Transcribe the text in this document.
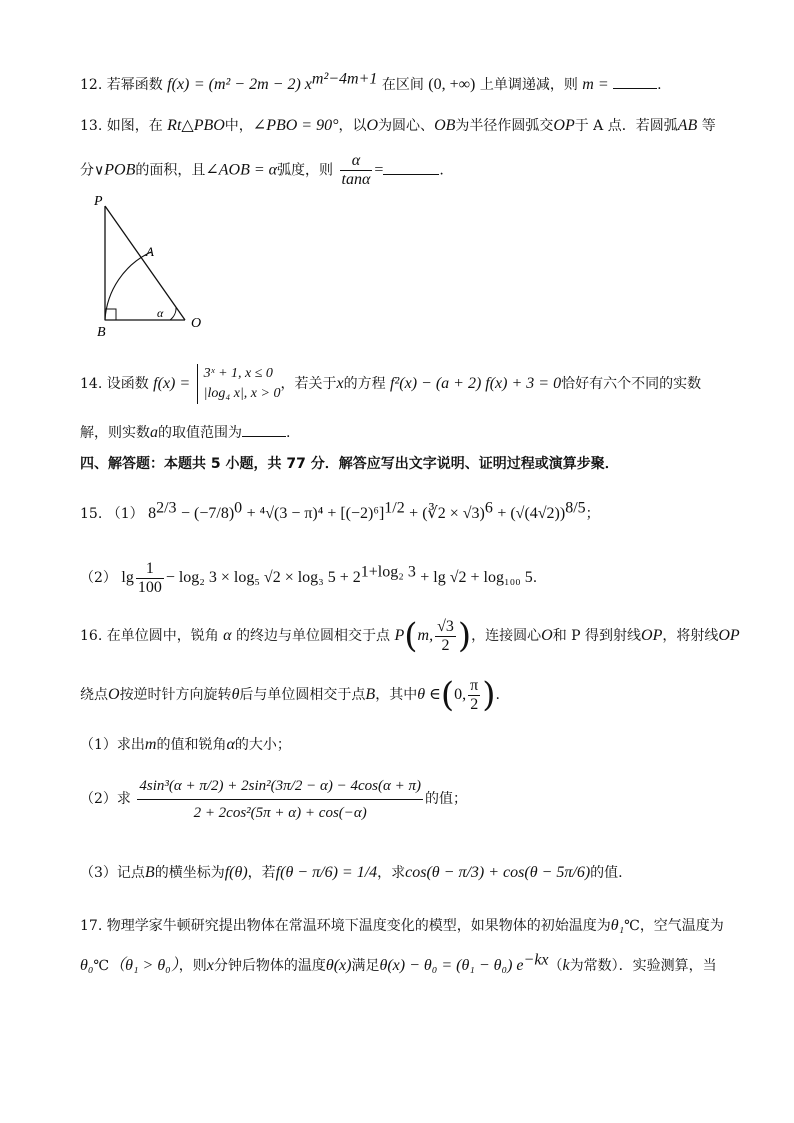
12. 若幂函数 f(x) = (m² − 2m − 2) $x^{m^2-4m+1}$ 在区间 (0, +∞) 上单调递减，则 m =	.
13. 如图，在 Rt△PBO中，∠PBO = 90°，以O为圆心、OB为半径作圆弧交OP于 A 点．若圆弧AB 等
分∨POB的面积，且∠AOB = α弧度，则 $\frac{\alpha}{\tan\alpha}$ =	.
P
A
B
O
α
14. 设函数 f(x) =
3ˣ + 1, x ≤ 0
|log₄ x|, x > 0
，若关于x的方程 f²(x) − (a + 2) f(x) + 3 = 0恰好有六个不同的实数
解，则实数a的取值范围为	.
四、解答题：本题共 5 小题，共 77 分．解答应写出文字说明、证明过程或演算步聚．
15. （1） $8^{2/3} - (-7/8)^0 + ^4√(3 - \pi)^4 + [(-2)^6]^{1/2}$ + (∛2 × $√3)^6 + (√(4√2))^{8/5}$；
（2） $\lg \frac{1}{100} - \log_2$ 3 × log₅ √2 × log₃ $5 + 2^{1+log_2 3} + \lg √2 + \log_{100}$ 5.
16. 在单位圆中，锐角 α 的终边与单位圆相交于点 P(m, $\frac{√3}{2}$ )，连接圆心O和 P 得到射线OP，将射线OP
绕点O按逆时针方向旋转θ后与单位圆相交于点B，其中θ ∈(0, $\frac{\pi}{2}$ ).
（1）求出m的值和锐角α的大小；
（2）求 $\frac{\text{4sin³(α + π/2) + 2sin²(3π/2 − α) − 4cos(α + π)}}{\text{2 + 2cos²(5π + α) + cos(−α)}}$ 的值；
（3）记点B的横坐标为f(θ)，若f(θ − π/6) = 1/4，求cos(θ − π/3) + cos(θ − 5π/6)的值.
17. 物理学家牛顿研究提出物体在常温环境下温度变化的模型，如果物体的初始温度为θ₁℃，空气温度为
θ₀℃（θ₁ > θ₀），则x分钟后物体的温度θ(x)满足θ(x) − θ₀ = (θ₁ − θ₀) $e^{-kx}(k$为常数）．实验测算，当
